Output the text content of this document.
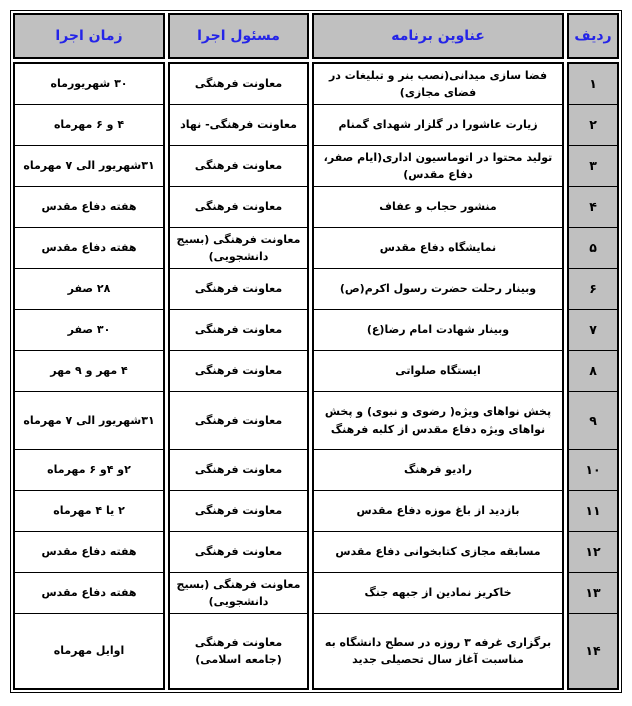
ردیف
عناوین برنامه
مسئول اجرا
زمان اجرا
۱
۲
۳
۴
۵
۶
۷
۸
۹
۱۰
۱۱
۱۲
۱۳
۱۴
فضا سازی میدانی(نصب بنر و تبلیغات در فضای مجازی)
زیارت عاشورا در گلزار شهدای گمنام
تولید محتوا در اتوماسیون اداری(ایام صفر، دفاع مقدس)
منشور حجاب و عفاف
نمایشگاه دفاع مقدس
وبینار رحلت حضرت رسول اکرم(ص)
وبینار شهادت امام رضا(ع)
ایستگاه صلواتی
پخش نواهای ویژه( رضوی و نبوی) و پخش نواهای ویژه دفاع مقدس از کلبه فرهنگ
رادیو فرهنگ
بازدید از باغ موزه دفاع مقدس
مسابقه مجازی کتابخوانی دفاع مقدس
خاکریز نمادین از جبهه جنگ
برگزاری غرفه ۳ روزه در سطح دانشگاه به مناسبت آغاز سال تحصیلی جدید
معاونت فرهنگی
معاونت فرهنگی- نهاد
معاونت فرهنگی
معاونت فرهنگی
معاونت فرهنگی (بسیج دانشجویی)
معاونت فرهنگی
معاونت فرهنگی
معاونت فرهنگی
معاونت فرهنگی
معاونت فرهنگی
معاونت فرهنگی
معاونت فرهنگی
معاونت فرهنگی (بسیج دانشجویی)
معاونت فرهنگی (جامعه اسلامی)
۳۰ شهریورماه
۴ و ۶ مهرماه
۳۱شهریور الی ۷ مهرماه
هفته دفاع مقدس
هفته دفاع مقدس
۲۸ صفر
۳۰ صفر
۴ مهر و ۹ مهر
۳۱شهریور الی ۷ مهرماه
۲و ۴و ۶ مهرماه
۲ یا ۴ مهرماه
هفته دفاع مقدس
هفته دفاع مقدس
اوایل مهرماه
